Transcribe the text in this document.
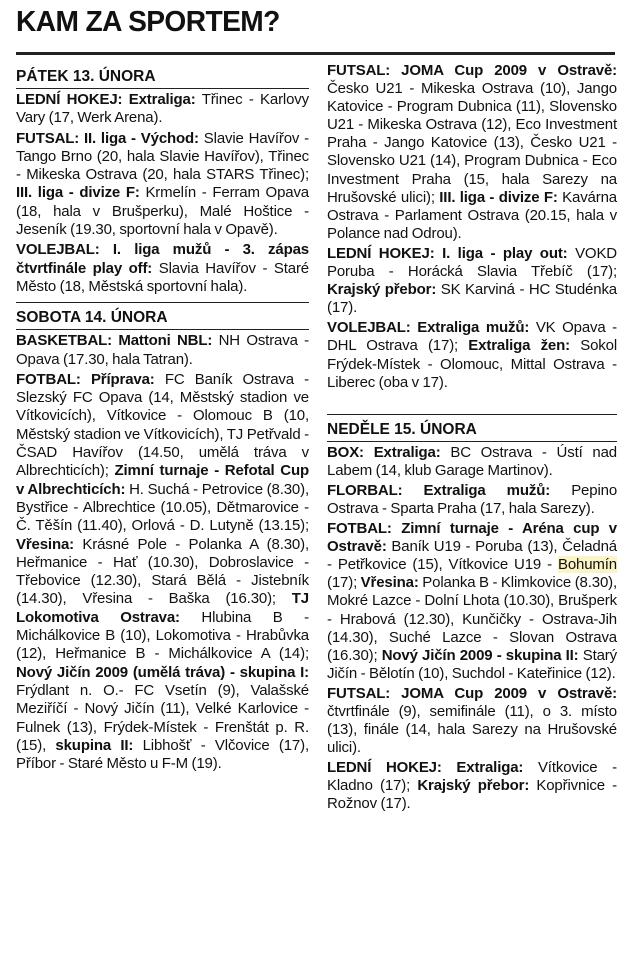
KAM ZA SPORTEM?
PÁTEK 13. ÚNORA

LEDNÍ HOKEJ: Extraliga: Třinec - Karlovy Vary (17, Werk Arena).

FUTSAL: II. liga - Východ: Slavie Havířov - Tango Brno (20, hala Slavie Havířov), Třinec - Mikeska Ostrava (20, hala STARS Třinec); III. liga - divize F: Krmelín - Ferram Opava (18, hala v Brušperku), Malé Hoštice - Jeseník (19.30, sportovní hala v Opavě).

VOLEJBAL: I. liga mužů - 3. zápas čtvrtfinále play off: Slavia Havířov - Staré Město (18, Městská sportovní hala).

SOBOTA 14. ÚNORA

BASKETBAL: Mattoni NBL: NH Ostrava - Opava (17.30, hala Tatran).

FOTBAL: Příprava: FC Baník Ostrava - Slezský FC Opava (14, Městský stadion ve Vítkovicích), Vítkovice - Olomouc B (10, Městský stadion ve Vítkovicích), TJ Petřvald - ČSAD Havířov (14.50, umělá tráva v Albrechticích); Zimní turnaje - Refotal Cup v Albrechticích: H. Suchá - Petrovice (8.30), Bystřice - Albrechtice (10.05), Dětmarovice - Č. Těšín (11.40), Orlová - D. Lutyně (13.15); Vřesina: Krásné Pole - Polanka A (8.30), Heřmanice - Hať (10.30), Dobroslavice - Třebovice (12.30), Stará Bělá - Jistebník (14.30), Vřesina - Baška (16.30); TJ Lokomotiva Ostrava: Hlubina B - Michálkovice B (10), Lokomotiva - Hrabůvka (12), Heřmanice B - Michálkovice A (14); Nový Jičín 2009 (umělá tráva) - skupina I: Frýdlant n. O.- FC Vsetín (9), Valašské Meziříčí - Nový Jičín (11), Velké Karlovice - Fulnek (13), Frýdek-Místek - Frenštát p. R. (15), skupina II: Libhošť - Vlčovice (17), Příbor - Staré Město u F-M (19).

FUTSAL: JOMA Cup 2009 v Ostravě: Česko U21 - Mikeska Ostrava (10), Jango Katovice - Program Dubnica (11), Slovensko U21 - Mikeska Ostrava (12), Eco Investment Praha - Jango Katovice (13), Česko U21 - Slovensko U21 (14), Program Dubnica - Eco Investment Praha (15, hala Sarezy na Hrušovské ulici); III. liga - divize F: Kavárna Ostrava - Parlament Ostrava (20.15, hala v Polance nad Odrou).

LEDNÍ HOKEJ: I. liga - play out: VOKD Poruba - Horácká Slavia Třebíč (17); Krajský přebor: SK Karviná - HC Studénka (17).

VOLEJBAL: Extraliga mužů: VK Opava - DHL Ostrava (17); Extraliga žen: Sokol Frýdek-Místek - Olomouc, Mittal Ostrava - Liberec (oba v 17).

NEDĚLE 15. ÚNORA

BOX: Extraliga: BC Ostrava - Ústí nad Labem (14, klub Garage Martinov).

FLORBAL: Extraliga mužů: Pepino Ostrava - Sparta Praha (17, hala Sarezy).

FOTBAL: Zimní turnaje - Aréna cup v Ostravě: Baník U19 - Poruba (13), Čeladná - Petřkovice (15), Vítkovice U19 - Bohumín (17); Vřesina: Polanka B - Klimkovice (8.30), Mokré Lazce - Dolní Lhota (10.30), Brušperk - Hrabová (12.30), Kunčičky - Ostrava-Jih (14.30), Suché Lazce - Slovan Ostrava (16.30); Nový Jičín 2009 - skupina II: Starý Jičín - Bělotín (10), Suchdol - Kateřinice (12).

FUTSAL: JOMA Cup 2009 v Ostravě: čtvrtfinále (9), semifinále (11), o 3. místo (13), finále (14, hala Sarezy na Hrušovské ulici).

LEDNÍ HOKEJ: Extraliga: Vítkovice - Kladno (17); Krajský přebor: Kopřivnice - Rožnov (17).
